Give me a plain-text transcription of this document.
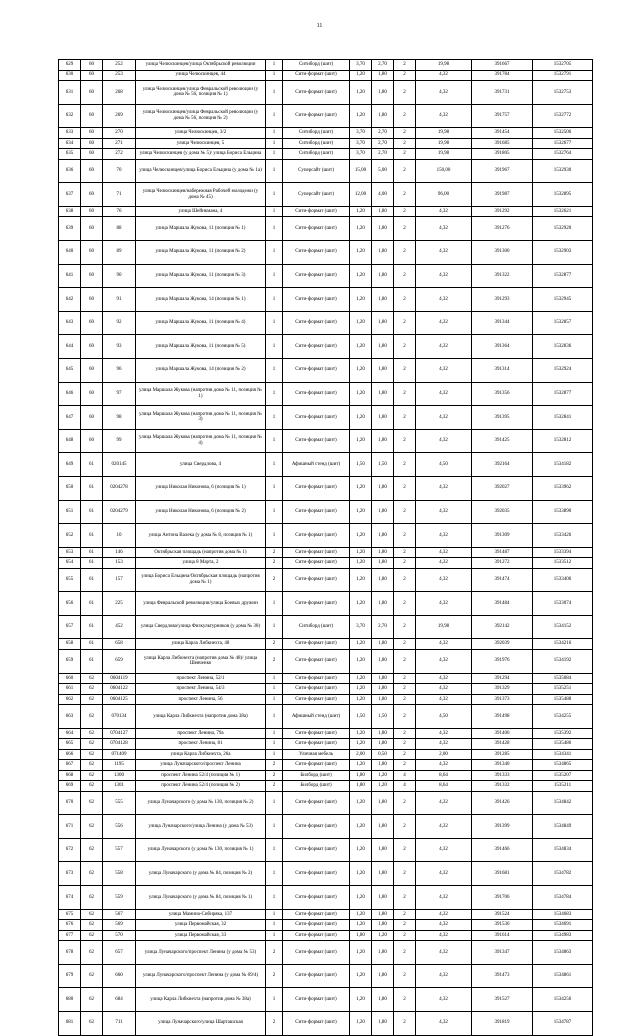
11
629	60	252	улица Челюскинцев/улица Октябрьской революции	1	Ситиборд (шит)	3,70	2,70	2	19,98	391667	1532705
630	60	253	улица Челюскинцев, 44	1	Сити-формат (шит)	1,20	1,80	2	4,32	391784	1532791
631	60	268	улица Челюскинцев/улица Февральской революции (у дома № 56, позиция № 1)	1	Сити-формат (шит)	1,20	1,80	2	4,32	391731	1532753
632	60	269	улица Челюскинцев/улица Февральской революции (у дома № 56, позиция № 2)	1	Сити-формат (шит)	1,20	1,80	2	4,32	391757	1532772
633	60	270	улица Челюскинцев, 3/2	1	Ситиборд (шит)	3,70	2,70	2	19,98	391454	1532506
634	60	271	улица Челюскинцев, 5	1	Ситиборд (шит)	3,70	2,70	2	19,98	391685	1532677
635	60	272	улица Челюскинцев (у дома № 5)/ улица Бориса Ельцина	1	Ситиборд (шит)	3,70	2,70	2	19,98	391805	1532764
636	60	70	улица Челюскинцев/улица Бориса Ельцина (у дома № 1а)	1	Суперсайт (шит)	15,00	5,00	2	150,00	391967	1532930
637	60	71	улица Челюскинцев/набережная Рабочей молодежи (у дома № 45)	1	Суперсайт (шит)	12,00	4,00	2	96,00	391987	1532895
638	60	76	улица Шейнкмана, 4	1	Сити-формат (шит)	1,20	1,80	2	4,32	391292	1532621
639	60	88	улица Маршала Жукова, 11 (позиция № 1)	1	Сити-формат (шит)	1,20	1,80	2	4,32	391276	1532920
640	60	89	улица Маршала Жукова, 11 (позиция № 2)	1	Сити-формат (шит)	1,20	1,80	2	4,32	391300	1532903
641	60	90	улица Маршала Жукова, 11 (позиция № 3)	1	Сити-формат (шит)	1,20	1,80	2	4,32	391322	1532877
642	60	91	улица Маршала Жукова, 14 (позиция № 1)	1	Сити-формат (шит)	1,20	1,80	2	4,32	391293	1532945
643	60	92	улица Маршала Жукова, 11 (позиция № 4)	1	Сити-формат (шит)	1,20	1,80	2	4,32	391344	1532857
644	60	93	улица Маршала Жукова, 11 (позиция № 5)	1	Сити-формат (шит)	1,20	1,80	2	4,32	391364	1532836
645	60	96	улица Маршала Жукова, 14 (позиция № 2)	1	Сити-формат (шит)	1,20	1,80	2	4,32	391314	1532924
646	60	97	улица Маршала Жукова (напротив дома № 11, позиция № 1)	1	Сити-формат (шит)	1,20	1,80	2	4,32	391356	1532877
647	60	98	улица Маршала Жукова (напротив дома № 11, позиция № 3)	1	Сити-формат (шит)	1,20	1,80	2	4,32	391395	1532841
648	60	99	улица Маршала Жукова (напротив дома № 11, позиция № 4)	1	Сити-формат (шит)	1,20	1,80	2	4,32	391425	1532812
649	61	020145	улица Свердлова, 4	1	Афишный стенд (шит)	1,50	1,50	2	4,50	392164	1534182
650	61	0204278	улица Николая Никонова, 6 (позиция № 1)	1	Сити-формат (шит)	1,20	1,80	2	4,32	392027	1533962
651	61	0204279	улица Николая Никонова, 6 (позиция № 2)	1	Сити-формат (шит)	1,20	1,80	2	4,32	392035	1533890
652	61	10	улица Антона Валека (у дома № 8, позиция № 1)	1	Сити-формат (шит)	1,20	1,80	2	4,32	391309	1533426
653	61	146	Октябрьская площадь (напротив дома № 1)	2	Сити-формат (шит)	1,20	1,80	2	4,32	391487	1533394
654	61	153	улица 8 Марта, 2	2	Сити-формат (шит)	1,20	1,80	2	4,32	391272	1533512
655	61	157	улица Бориса Ельцина/Октябрьская площадь (напротив дома № 1)	2	Сити-формат (шит)	1,20	1,80	2	4,32	391474	1533406
656	61	225	улица Февральской революции/улица Боевых дружин	1	Сити-формат (шит)	1,20	1,80	2	4,32	391484	1533074
657	61	452	улица Свердлова/улица Физкультурников (у дома № 30)	1	Ситиборд (шит)	3,70	2,70	2	19,98	392142	1534152
658	61	658	улица Карла Либкнехта, 48	2	Сити-формат (шит)	1,20	1,80	2	4,32	392039	1534216
659	61	659	улица Карла Либкнехта (напротив дома № 48)/ улица Шевченко	2	Сити-формат (шит)	1,20	1,80	2	4,32	391976	1534192
660	62	0604119	проспект Ленина, 52/1	1	Сити-формат (шит)	1,20	1,80	2	4,32	391294	1535084
661	62	0604122	проспект Ленина, 54/3	1	Сити-формат (шит)	1,20	1,80	2	4,32	391329	1535251
662	62	0604125	проспект Ленина, 56	1	Сити-формат (шит)	1,20	1,80	2	4,32	391373	1535488
663	62	070134	улица Карла Либкнехта (напротив дома 38а)	1	Афишный стенд (шит)	1,50	1,50	2	4,50	391498	1534255
664	62	0704127	проспект Ленина, 79а	1	Сити-формат (шит)	1,20	1,80	2	4,32	391406	1535392
665	62	0704128	проспект Ленина, 81	1	Сити-формат (шит)	1,20	1,80	2	4,32	391428	1535486
666	62	071409	улица Карла Либкнехта, 26а	1	Уличная мебель	2,00	0,50	2	2,00	391285	1534341
667	62	1195	улица Луначарского/проспект Ленина	2	Сити-формат (шит)	1,20	1,80	2	4,32	391340	1534865
668	62	1300	проспект Ленина 52/4 (позиция № 1)	2	Билборд (шит)	1,80	1,20	4	8,64	391333	1535207
669	62	1301	проспект Ленина 52/4 (позиция № 2)	2	Билборд (шит)	1,80	1,20	4	8,64	391332	1535211
670	62	555	улица Луначарского (у дома № 130, позиция № 2)	1	Сити-формат (шит)	1,20	1,80	2	4,32	391426	1534842
671	62	556	улица Луначарского/улица Ленина (у дома № 53)	1	Сити-формат (шит)	1,20	1,80	2	4,32	391399	1534849
672	62	557	улица Луначарского (у дома № 130, позиция № 1)	1	Сити-формат (шит)	1,20	1,80	2	4,32	391466	1534834
673	62	558	улица Луначарского (у дома № 84, позиция № 2)	1	Сити-формат (шит)	1,20	1,80	2	4,32	391681	1534782
674	62	559	улица Луначарского (у дома № 84, позиция № 1)	1	Сити-формат (шит)	1,20	1,80	2	4,32	391706	1534784
675	62	567	улица Мамина-Сибиряка, 137	1	Сити-формат (шит)	1,20	1,80	2	4,32	391524	1534683
676	62	569	улица Первомайская, 32	1	Сити-формат (шит)	1,20	1,80	2	4,32	391536	1534691
677	62	570	улица Первомайская, 33	1	Сити-формат (шит)	1,80	1,20	2	4,32	391614	1534983
678	62	657	улица Луначарского/проспект Ленина (у дома № 53)	2	Сити-формат (шит)	1,20	1,80	2	4,32	391347	1534863
679	62	660	улица Луначарского/проспект Ленина (у дома № 69/4)	2	Сити-формат (шит)	1,20	1,80	2	4,32	391473	1534861
680	62	684	улица Карла Либкнехта (напротив дома № 38а)	1	Сити-формат (шит)	1,20	1,80	2	4,32	391527	1534256
681	62	711	улица Луначарского/улица Шарташская	2	Сити-формат (шит)	1,20	1,80	2	4,32	391819	1534787
